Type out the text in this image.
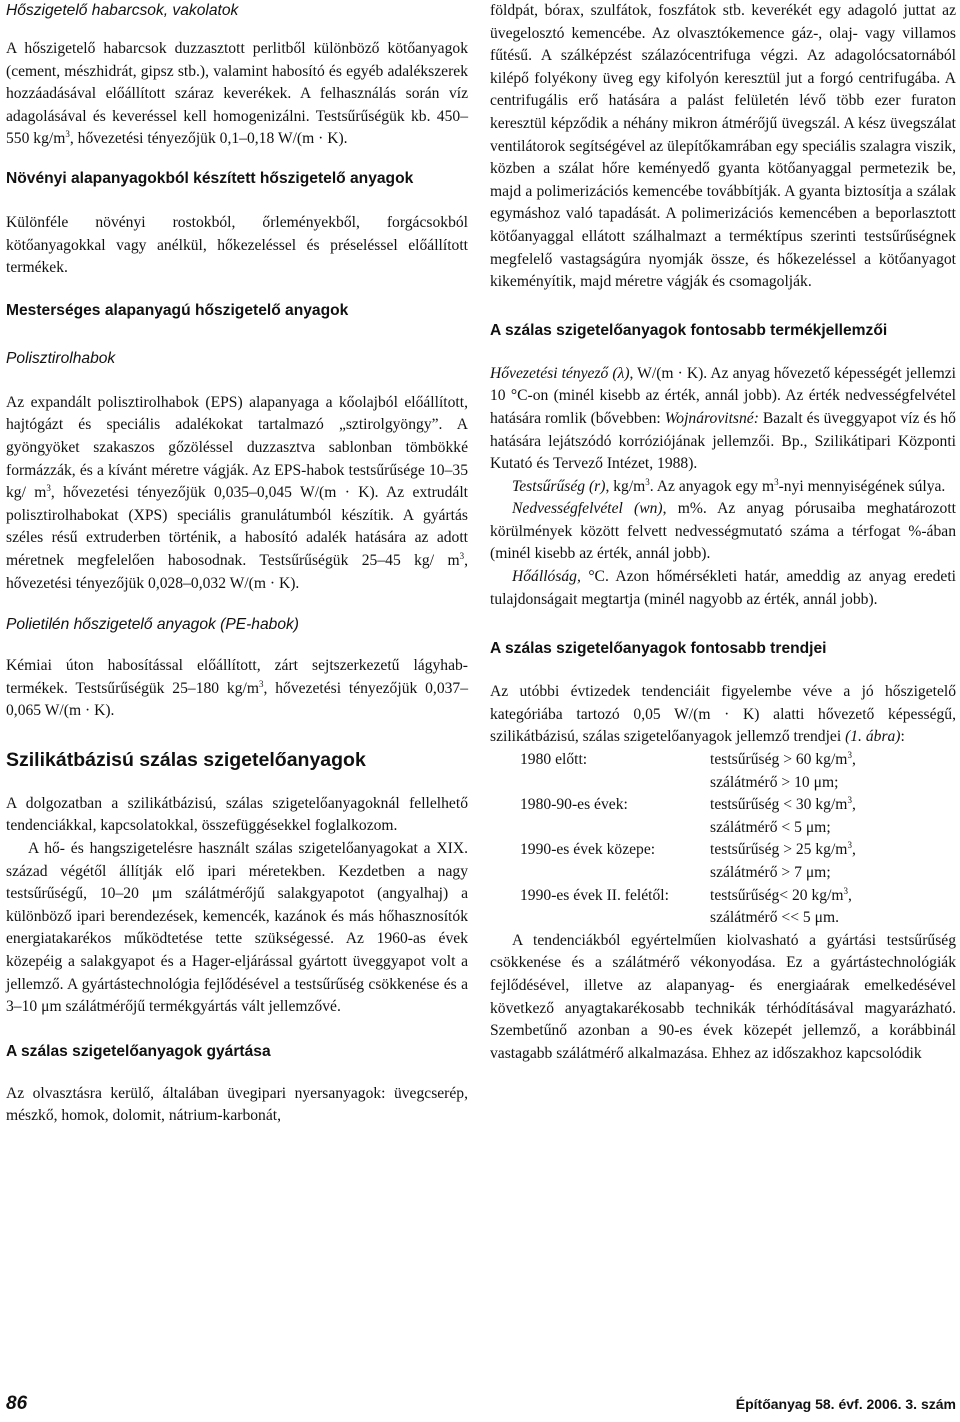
Hőszigetelő habarcsok, vakolatok

A hőszigetelő habarcsok duzzasztott perlitből különböző kötőanyagok (cement, mészhidrát, gipsz stb.), valamint habosító és egyéb adalékszerek hozzáadásával előállított száraz keverékek. A felhasználás során víz adagolásával és keveréssel kell homogenizálni. Testsűrűségük kb. 450–550 $kg/m^3$, hővezetési tényezőjük 0,1–0,18 W/(m · K).

Növényi alapanyagokból készített hőszigetelő anyagok

Különféle növényi rostokból, őrleményekből, forgácsokból kötőanyagokkal vagy anélkül, hőkezeléssel és préseléssel előállított termékek.

Mesterséges alapanyagú hőszigetelő anyagok

Polisztirolhabok

Az expandált polisztirolhabok (EPS) alapanyaga a kőolajból előállított, hajtógázt és speciális adalékokat tartalmazó „sztirolgyöngy”. A gyöngyöket szakaszos gőzöléssel duzzasztva sablonban tömbökké formázzák, és a kívánt méretre vágják. Az EPS-habok testsűrűsége 10–35 kg/ $m^3$, hővezetési tényezőjük 0,035–0,045 W/(m · K). Az extrudált polisztirolhabokat (XPS) speciális granulátumból készítik. A gyártás széles résű extruderben történik, a habosító adalék hatására az adott méretnek megfelelően habosodnak. Testsűrűségük 25–45 kg/ $m^3$, hővezetési tényezőjük 0,028–0,032 W/(m · K).

Polietilén hőszigetelő anyagok (PE-habok)

Kémiai úton habosítással előállított, zárt sejtszerkezetű lágyhab-termékek. Testsűrűségük 25–180 $kg/m^3$, hővezetési tényezőjük 0,037–0,065 W/(m · K).

Szilikátbázisú szálas szigetelőanyagok

A dolgozatban a szilikátbázisú, szálas szigetelőanyagoknál fellelhető tendenciákkal, kapcsolatokkal, összefüggésekkel foglalkozom.

A hő- és hangszigetelésre használt szálas szigetelőanyagokat a XIX. század végétől állítják elő ipari méretekben. Kezdetben a nagy testsűrűségű, 10–20 μm szálátmérőjű salakgyapotot (angyalhaj) a különböző ipari berendezések, kemencék, kazánok és más hőhasznosítók energiatakarékos működtetése tette szükségessé. Az 1960-as évek közepéig a salakgyapot és a Hager-eljárással gyártott üveggyapot volt a jellemző. A gyártástechnológia fejlődésével a testsűrűség csökkenése és a 3–10 μm szálátmérőjű termékgyártás vált jellemzővé.

A szálas szigetelőanyagok gyártása

Az olvasztásra kerülő, általában üvegipari nyersanyagok: üvegcserép, mészkő, homok, dolomit, nátrium-karbonát,

földpát, bórax, szulfátok, foszfátok stb. keverékét egy adagoló juttat az üvegelosztó kemencébe. Az olvasztókemence gáz-, olaj- vagy villamos fűtésű. A szálképzést szálazócentrifuga végzi. Az adagolócsatornából kilépő folyékony üveg egy kifolyón keresztül jut a forgó centrifugába. A centrifugális erő hatására a palást felületén lévő több ezer furaton keresztül képződik a néhány mikron átmérőjű üvegszál. A kész üvegszálat ventilátorok segítségével az ülepítőkamrában egy speciális szalagra viszik, közben a szálat hőre keményedő gyanta kötőanyaggal permetezik be, majd a polimerizációs kemencébe továbbítják. A gyanta biztosítja a szálak egymáshoz való tapadását. A polimerizációs kemencében a beporlasztott kötőanyaggal ellátott szálhalmazt a terméktípus szerinti testsűrűségnek megfelelő vastagságúra nyomják össze, és hőkezeléssel a kötőanyagot kikeményítik, majd méretre vágják és csomagolják.

A szálas szigetelőanyagok fontosabb termékjellemzői

Hővezetési tényező (λ), W/(m · K). Az anyag hővezető képességét jellemzi 10 °C-on (minél kisebb az érték, annál jobb). Az érték nedvességfelvétel hatására romlik (bővebben: Wojnárovitsné: Bazalt és üveggyapot víz és hő hatására lejátszódó korróziójának jellemzői. Bp., Szilikátipari Központi Kutató és Tervező Intézet, 1988).

Testsűrűség (r), $kg/m^3$. Az anyagok egy $m^3$-nyi mennyiségének súlya.

Nedvességfelvétel (wn), m%. Az anyag pórusaiba meghatározott körülmények között felvett nedvességmutató száma a térfogat %-ában (minél kisebb az érték, annál jobb).

Hőállóság, °C. Azon hőmérsékleti határ, ameddig az anyag eredeti tulajdonságait megtartja (minél nagyobb az érték, annál jobb).

A szálas szigetelőanyagok fontosabb trendjei

Az utóbbi évtizedek tendenciáit figyelembe véve a jó hőszigetelő kategóriába tartozó 0,05 W/(m · K) alatti hővezető képességű, szilikátbázisú, szálas szigetelőanyagok jellemző trendjei (1. ábra):

1980 előtt:	testsűrűség > 60 $kg/m^3$,
szálátmérő > 10 μm;
1980-90-es évek:	testsűrűség < 30 $kg/m^3$,
szálátmérő < 5 μm;
1990-es évek közepe:	testsűrűség > 25 $kg/m^3$,
szálátmérő > 7 μm;
1990-es évek II. felétől:	testsűrűség< 20 $kg/m^3$,
szálátmérő << 5 μm.

A tendenciákból egyértelműen kiolvasható a gyártási testsűrűség csökkenése és a szálátmérő vékonyodása. Ez a gyártástechnológiák fejlődésével, illetve az alapanyag- és energiaárak emelkedésével következő anyagtakarékosabb technikák térhódításával magyarázható. Szembetűnő azonban a 90-es évek közepét jellemző, a korábbinál vastagabb szálátmérő alkalmazása. Ehhez az időszakhoz kapcsolódik

86	Építőanyag 58. évf. 2006. 3. szám
